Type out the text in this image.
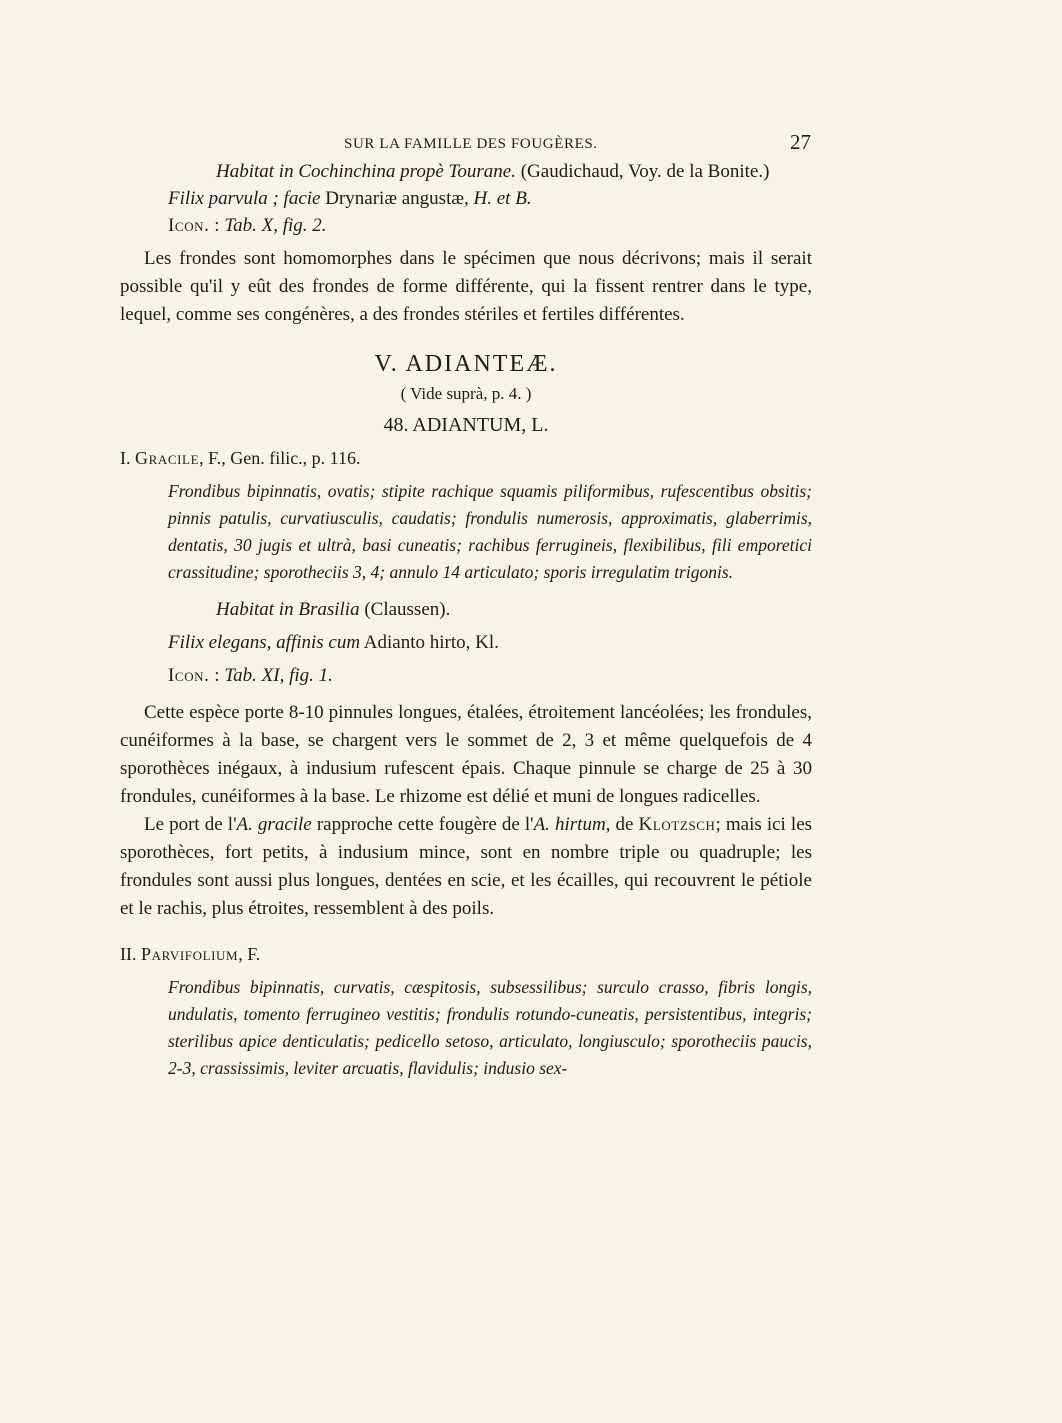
SUR LA FAMILLE DES FOUGÈRES.	27

Habitat in Cochinchina propè Tourane. (Gaudichaud, Voy. de la Bonite.)

Filix parvula ; facie Drynariæ angustæ, H. et B.

Icon. : Tab. X, fig. 2.

Les frondes sont homomorphes dans le spécimen que nous décrivons; mais il serait possible qu'il y eût des frondes de forme différente, qui la fissent rentrer dans le type, lequel, comme ses congénères, a des frondes stériles et fertiles différentes.

V. ADIANTEÆ.

( Vide suprà, p. 4. )

48. ADIANTUM, L.

I. Gracile, F., Gen. filic., p. 116.

Frondibus bipinnatis, ovatis; stipite rachique squamis piliformibus, rufescentibus obsitis; pinnis patulis, curvatiusculis, caudatis; frondulis numerosis, approximatis, glaberrimis, dentatis, 30 jugis et ultrà, basi cuneatis; rachibus ferrugineis, flexibilibus, fili emporetici crassitudine; sporotheciis 3, 4; annulo 14 articulato; sporis irregulatim trigonis.

Habitat in Brasilia (Claussen).

Filix elegans, affinis cum Adianto hirto, Kl.

Icon. : Tab. XI, fig. 1.

Cette espèce porte 8-10 pinnules longues, étalées, étroitement lancéolées; les frondules, cunéiformes à la base, se chargent vers le sommet de 2, 3 et même quelquefois de 4 sporothèces inégaux, à indusium rufescent épais. Chaque pinnule se charge de 25 à 30 frondules, cunéiformes à la base. Le rhizome est délié et muni de longues radicelles.

Le port de l'A. gracile rapproche cette fougère de l'A. hirtum, de Klotzsch; mais ici les sporothèces, fort petits, à indusium mince, sont en nombre triple ou quadruple; les frondules sont aussi plus longues, dentées en scie, et les écailles, qui recouvrent le pétiole et le rachis, plus étroites, ressemblent à des poils.

II. Parvifolium, F.

Frondibus bipinnatis, curvatis, cæspitosis, subsessilibus; surculo crasso, fibris longis, undulatis, tomento ferrugineo vestitis; frondulis rotundo-cuneatis, persistentibus, integris; sterilibus apice denticulatis; pedicello setoso, articulato, longiusculo; sporotheciis paucis, 2-3, crassissimis, leviter arcuatis, flavidulis; indusio sex-
